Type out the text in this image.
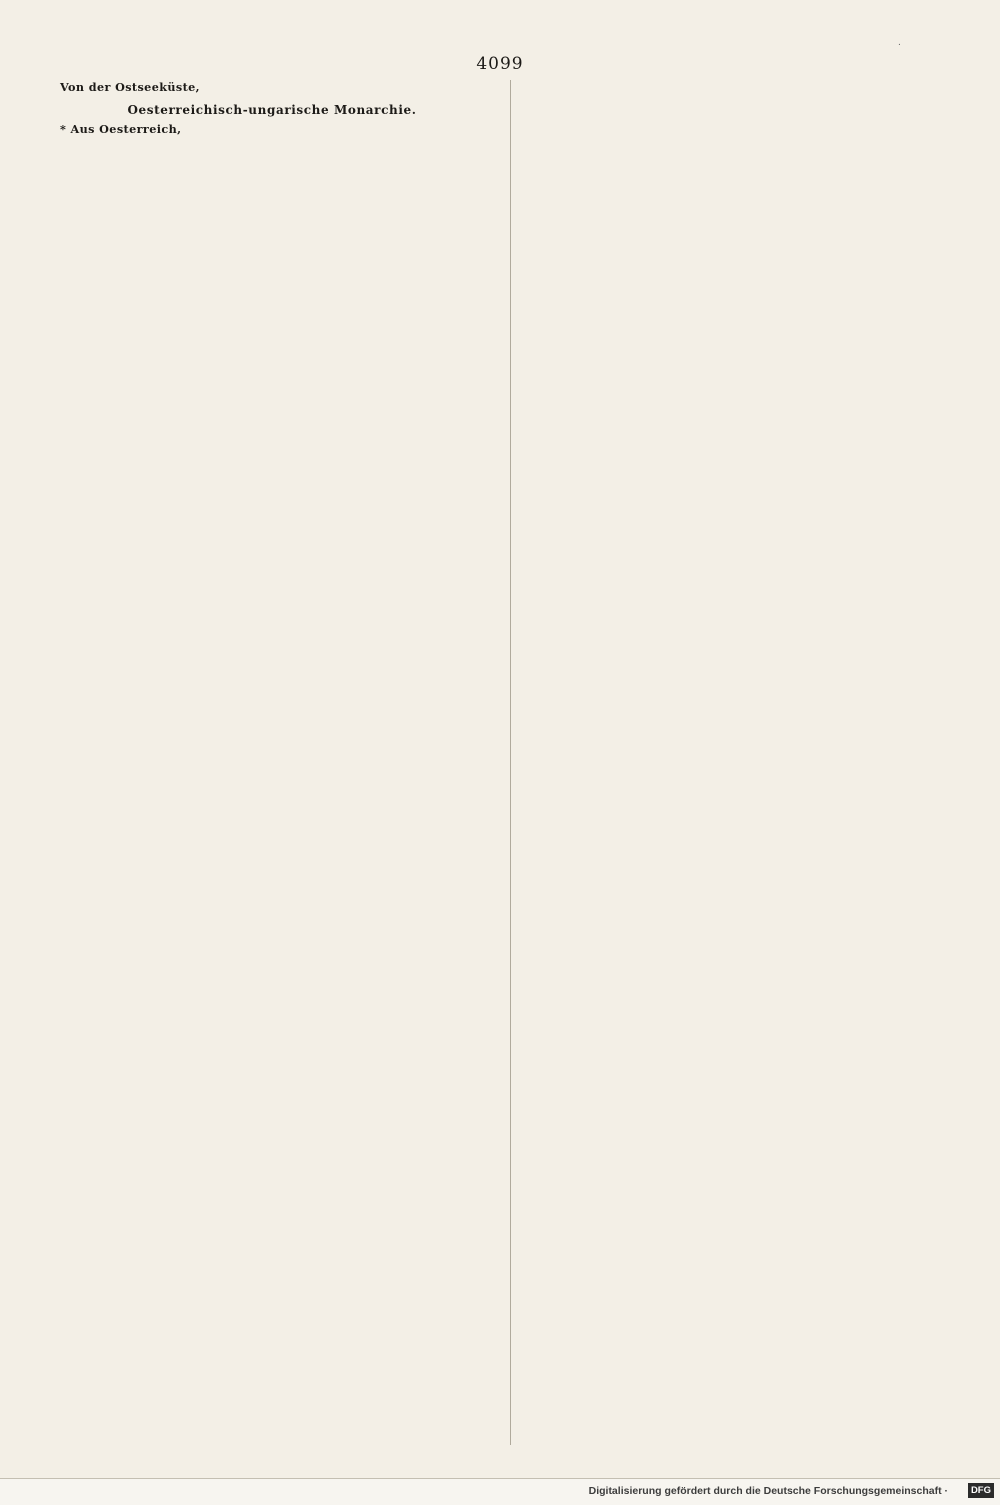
4099
.

Von der Ostseeküste,

Oesterreichisch-ungarische Monarchie.

* Aus Oesterreich,

Digitalisierung gefördert durch die Deutsche Forschungsgemeinschaft ·	DFG
